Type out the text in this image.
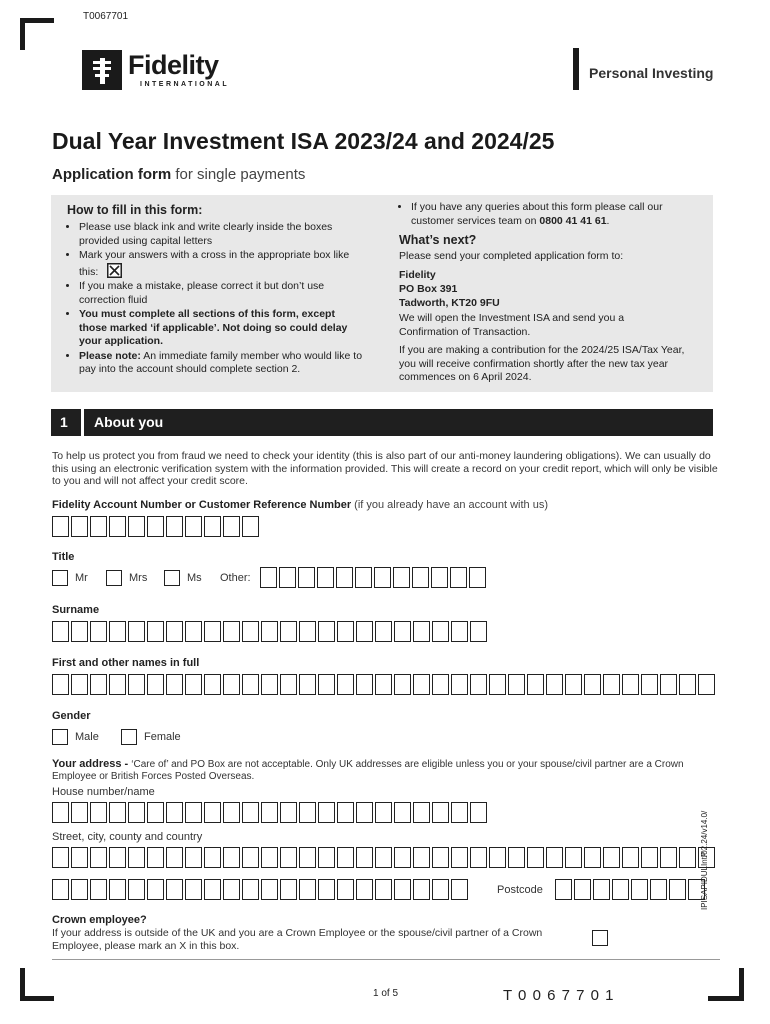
T0067701
Fidelity
INTERNATIONAL
Personal Investing
Dual Year Investment ISA 2023/24 and 2024/25
Application form for single payments
How to fill in this form:
• Please use black ink and write clearly inside the boxes provided using capital letters
• Mark your answers with a cross in the appropriate box like this:
• If you make a mistake, please correct it but don’t use correction fluid
• You must complete all sections of this form, except those marked ‘if applicable’. Not doing so could delay your application.
• Please note: An immediate family member who would like to pay into the account should complete section 2.
• If you have any queries about this form please call our customer services team on 0800 41 41 61.
What’s next?
Please send your completed application form to:
Fidelity
PO Box 391
Tadworth, KT20 9FU
We will open the Investment ISA and send you a Confirmation of Transaction.
If you are making a contribution for the 2024/25 ISA/Tax Year, you will receive confirmation shortly after the new tax year commences on 6 April 2024.
1 About you
To help us protect you from fraud we need to check your identity (this is also part of our anti-money laundering obligations). We can usually do this using an electronic verification system with the information provided. This will create a record on your credit report, which will only be visible to you and will not affect your credit score.
Fidelity Account Number or Customer Reference Number (if you already have an account with us)
Title
Mr	Mrs	Ms	Other:
Surname
First and other names in full
Gender
Male	Female
Your address - ‘Care of’ and PO Box are not acceptable. Only UK addresses are eligible unless you or your spouse/civil partner are a Crown Employee or British Forces Posted Overseas.
House number/name
Street, city, county and country
Postcode
Crown employee?
If your address is outside of the UK and you are a Crown Employee or the spouse/civil partner of a Crown Employee, please mark an X in this box.
IPISAPIDULIntP
/02.24/v14.0/
1 of 5	T 0 0 6 7 7 0 1
